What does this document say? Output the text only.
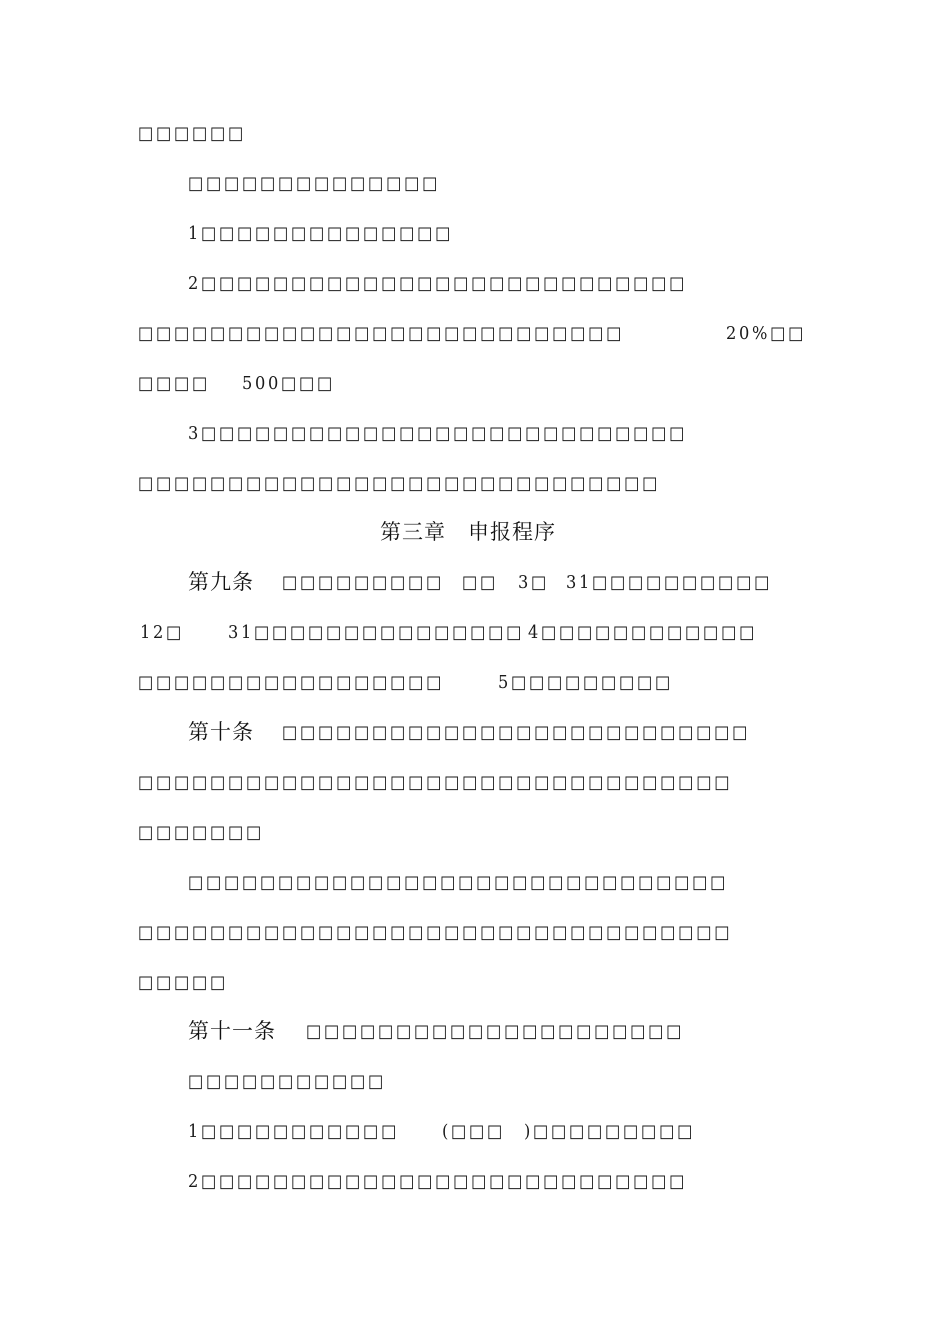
□□□□□□
□□□□□□□□□□□□□□
1□□□□□□□□□□□□□□
2□□□□□□□□□□□□□□□□□□□□□□□□□□□
□□□□□□□□□□□□□□□□□□□□□□□□□□□	20%□□
□□□□ 500□□□
3□□□□□□□□□□□□□□□□□□□□□□□□□□□
□□□□□□□□□□□□□□□□□□□□□□□□□□□□□
第三章　申报程序
第九条 □□□□□□□□□ □□ 3□ 31□□□□□□□□□□
12□ 31□□□□□□□□□□□□□□□ 4□□□□□□□□□□□□
□□□□□□□□□□□□□□□□□	5□□□□□□□□□
第十条 □□□□□□□□□□□□□□□□□□□□□□□□□□
□□□□□□□□□□□□□□□□□□□□□□□□□□□□□□□□□
□□□□□□□
□□□□□□□□□□□□□□□□□□□□□□□□□□□□□□
□□□□□□□□□□□□□□□□□□□□□□□□□□□□□□□□□
□□□□□
第十一条 □□□□□□□□□□□□□□□□□□□□□
□□□□□□□□□□□
1□□□□□□□□□□□ (□□□ )□□□□□□□□□
2□□□□□□□□□□□□□□□□□□□□□□□□□□□
